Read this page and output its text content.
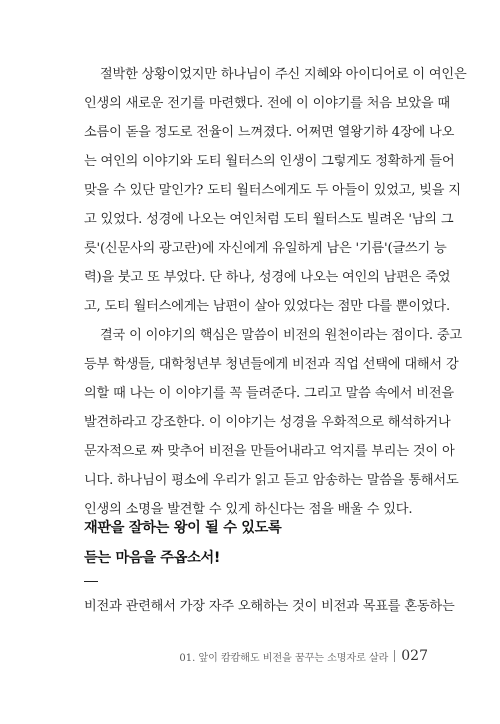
절박한 상황이었지만 하나님이 주신 지혜와 아이디어로 이 여인은
인생의 새로운 전기를 마련했다. 전에 이 이야기를 처음 보았을 때
소름이 돋을 정도로 전율이 느껴졌다. 어쩌면 열왕기하 4장에 나오
는 여인의 이야기와 도티 월터스의 인생이 그렇게도 정확하게 들어
맞을 수 있단 말인가? 도티 월터스에게도 두 아들이 있었고, 빚을 지
고 있었다. 성경에 나오는 여인처럼 도티 월터스도 빌려온 '남의 그
릇'(신문사의 광고란)에 자신에게 유일하게 남은 '기름'(글쓰기 능
력)을 붓고 또 부었다. 단 하나, 성경에 나오는 여인의 남편은 죽었
고, 도티 월터스에게는 남편이 살아 있었다는 점만 다를 뿐이었다.
결국 이 이야기의 핵심은 말씀이 비전의 원천이라는 점이다. 중고
등부 학생들, 대학청년부 청년들에게 비전과 직업 선택에 대해서 강
의할 때 나는 이 이야기를 꼭 들려준다. 그리고 말씀 속에서 비전을
발견하라고 강조한다. 이 이야기는 성경을 우화적으로 해석하거나
문자적으로 짜 맞추어 비전을 만들어내라고 억지를 부리는 것이 아
니다. 하나님이 평소에 우리가 읽고 듣고 암송하는 말씀을 통해서도
인생의 소명을 발견할 수 있게 하신다는 점을 배울 수 있다.
재판을 잘하는 왕이 될 수 있도록
듣는 마음을 주옵소서!
비전과 관련해서 가장 자주 오해하는 것이 비전과 목표를 혼동하는
01. 앞이 캄캄해도 비전을 꿈꾸는 소명자로 살라 027
